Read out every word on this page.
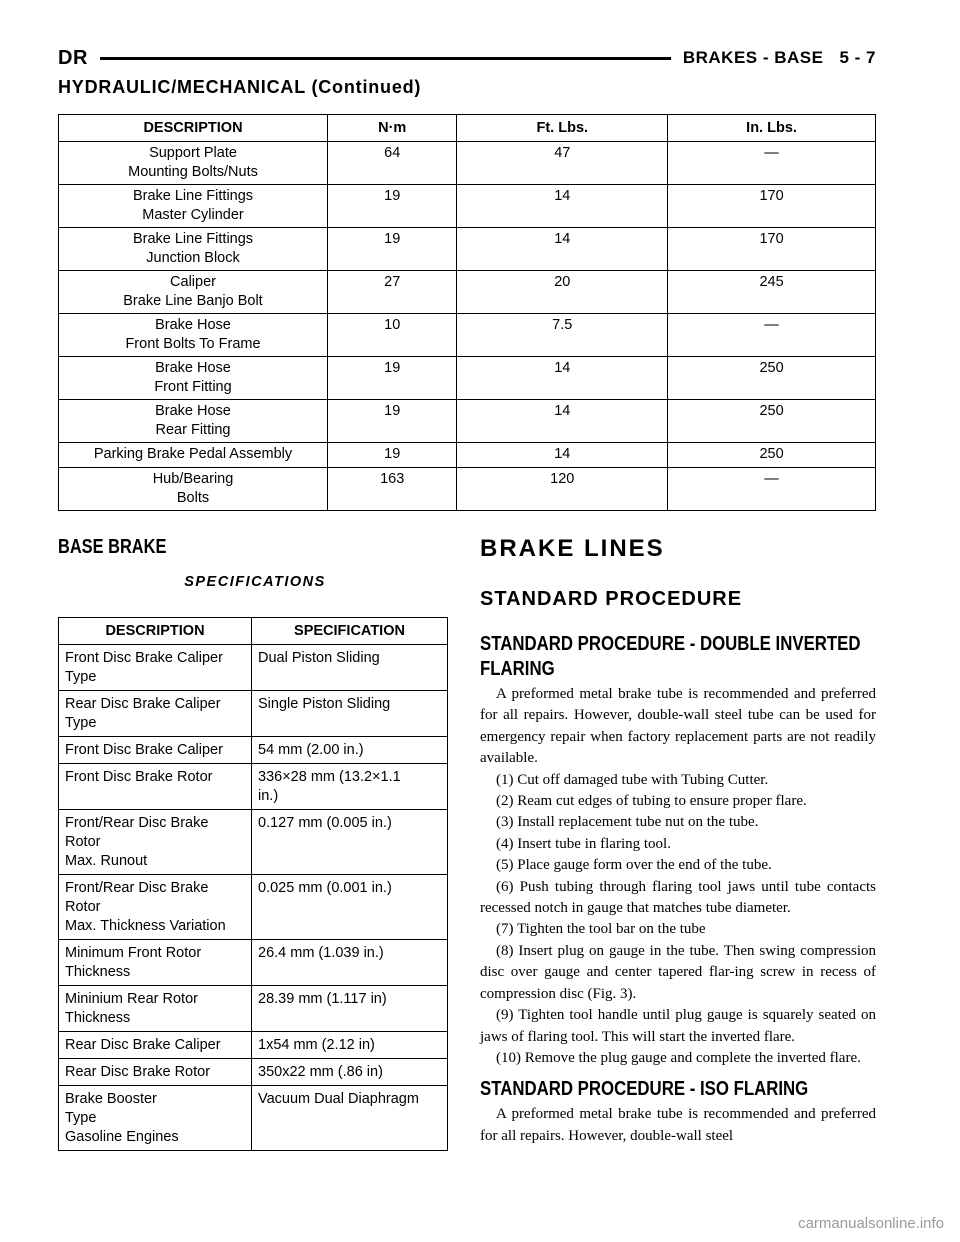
DR	BRAKES - BASE 5 - 7
HYDRAULIC/MECHANICAL (Continued)
DESCRIPTION	N·m	Ft. Lbs.	In. Lbs.
Support Plate
Mounting Bolts/Nuts	64	47	—
Brake Line Fittings
Master Cylinder	19	14	170
Brake Line Fittings
Junction Block	19	14	170
Caliper
Brake Line Banjo Bolt	27	20	245
Brake Hose
Front Bolts To Frame	10	7.5	—
Brake Hose
Front Fitting	19	14	250
Brake Hose
Rear Fitting	19	14	250
Parking Brake Pedal Assembly	19	14	250
Hub/Bearing
Bolts	163	120	—
BASE BRAKE
SPECIFICATIONS
DESCRIPTION	SPECIFICATION
Front Disc Brake Caliper
Type	Dual Piston Sliding
Rear Disc Brake Caliper
Type	Single Piston Sliding
Front Disc Brake Caliper	54 mm (2.00 in.)
Front Disc Brake Rotor	336×28 mm (13.2×1.1
in.)
Front/Rear Disc Brake
Rotor
Max. Runout	0.127 mm (0.005 in.)
Front/Rear Disc Brake
Rotor
Max. Thickness Variation	0.025 mm (0.001 in.)
Minimum Front Rotor
Thickness	26.4 mm (1.039 in.)
Mininium Rear Rotor
Thickness	28.39 mm (1.117 in)
Rear Disc Brake Caliper	1x54 mm (2.12 in)
Rear Disc Brake Rotor	350x22 mm (.86 in)
Brake Booster
Type
Gasoline Engines	Vacuum Dual Diaphragm
BRAKE LINES
STANDARD PROCEDURE
STANDARD PROCEDURE - DOUBLE INVERTED FLARING

A preformed metal brake tube is recommended and preferred for all repairs. However, double-wall steel tube can be used for emergency repair when factory replacement parts are not readily available.

(1) Cut off damaged tube with Tubing Cutter.

(2) Ream cut edges of tubing to ensure proper flare.

(3) Install replacement tube nut on the tube.

(4) Insert tube in flaring tool.

(5) Place gauge form over the end of the tube.

(6) Push tubing through flaring tool jaws until tube contacts recessed notch in gauge that matches tube diameter.

(7) Tighten the tool bar on the tube

(8) Insert plug on gauge in the tube. Then swing compression disc over gauge and center tapered flar-ing screw in recess of compression disc (Fig. 3).

(9) Tighten tool handle until plug gauge is squarely seated on jaws of flaring tool. This will start the inverted flare.

(10) Remove the plug gauge and complete the inverted flare.

STANDARD PROCEDURE - ISO FLARING

A preformed metal brake tube is recommended and preferred for all repairs. However, double-wall steel

carmanualsonline.info
